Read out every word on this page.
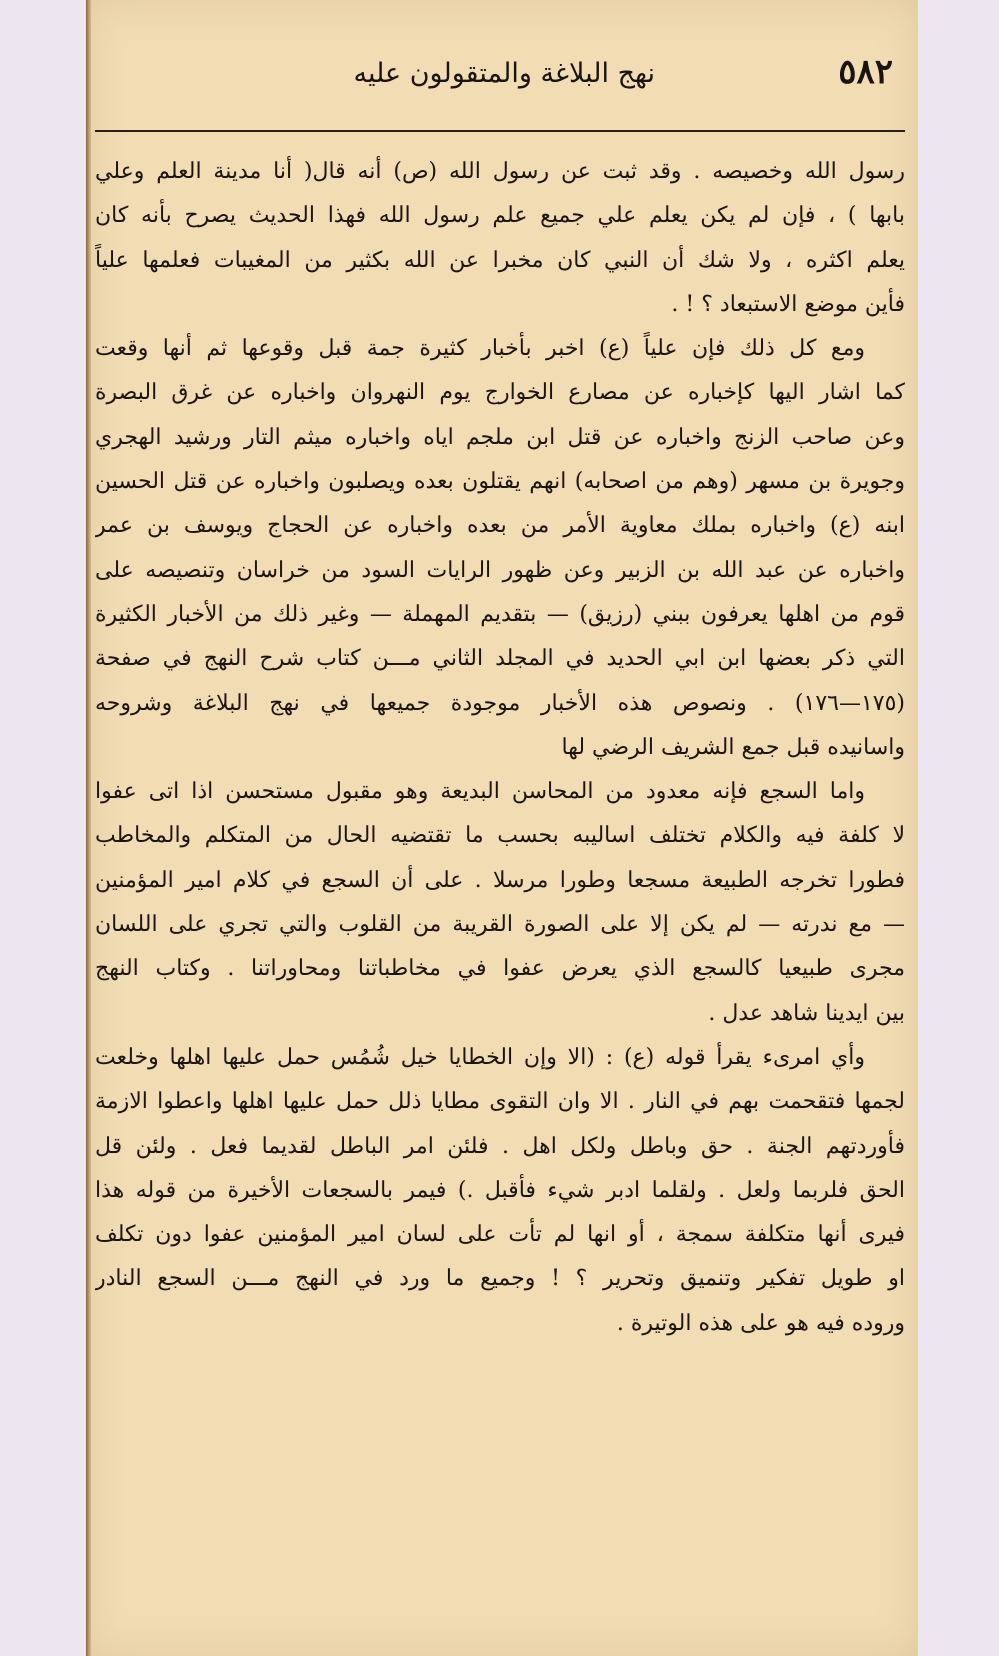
٥٨٢
نهج البلاغة والمتقولون عليه
رسول الله وخصيصه . وقد ثبت عن رسول الله (ص) أنه قال( أنا مدينة العلم وعلي
بابها ) ، فإن لم يكن يعلم علي جميع علم رسول الله فهذا الحديث يصرح بأنه كان
يعلم اكثره ، ولا شك أن النبي كان مخبرا عن الله بكثير من المغيبات فعلمها علياً
فأين موضع الاستبعاد ؟ ! .
ومع كل ذلك فإن علياً (ع) اخبر بأخبار كثيرة جمة قبل وقوعها ثم أنها وقعت
كما اشار اليها كإخباره عن مصارع الخوارج يوم النهروان واخباره عن غرق البصرة
وعن صاحب الزنج واخباره عن قتل ابن ملجم اياه واخباره ميثم التار ورشيد الهجري
وجويرة بن مسهر (وهم من اصحابه) انهم يقتلون بعده ويصلبون واخباره عن قتل الحسين
ابنه (ع) واخباره بملك معاوية الأمر من بعده واخباره عن الحجاج ويوسف بن عمر
واخباره عن عبد الله بن الزبير وعن ظهور الرايات السود من خراسان وتنصيصه على
قوم من اهلها يعرفون ببني (رزيق) — بتقديم المهملة — وغير ذلك من الأخبار الكثيرة
التي ذكر بعضها ابن ابي الحديد في المجلد الثاني مـــن كتاب شرح النهج في صفحة
(١٧٥—١٧٦) . ونصوص هذه الأخبار موجودة جميعها في نهج البلاغة وشروحه
واسانيده قبل جمع الشريف الرضي لها
واما السجع فإنه معدود من المحاسن البديعة وهو مقبول مستحسن اذا اتى عفوا
لا كلفة فيه والكلام تختلف اساليبه بحسب ما تقتضيه الحال من المتكلم والمخاطب
فطورا تخرجه الطبيعة مسجعا وطورا مرسلا . على أن السجع في كلام امير المؤمنين
— مع ندرته — لم يكن إلا على الصورة القريبة من القلوب والتي تجري على اللسان
مجرى طبيعيا كالسجع الذي يعرض عفوا في مخاطباتنا ومحاوراتنا . وكتاب النهج
بين ايدينا شاهد عدل .
وأي امرىء يقرأ قوله (ع) : (الا وإن الخطايا خيل شُمُس حمل عليها اهلها وخلعت
لجمها فتقحمت بهم في النار . الا وان التقوى مطايا ذلل حمل عليها اهلها واعطوا الازمة
فأوردتهم الجنة . حق وباطل ولكل اهل . فلئن امر الباطل لقديما فعل . ولئن قل
الحق فلربما ولعل . ولقلما ادبر شيء فأقبل .) فيمر بالسجعات الأخيرة من قوله هذا
فيرى أنها متكلفة سمجة ، أو انها لم تأت على لسان امير المؤمنين عفوا دون تكلف
او طويل تفكير وتنميق وتحرير ؟ ! وجميع ما ورد في النهج مـــن السجع النادر
وروده فيه هو على هذه الوتيرة .
